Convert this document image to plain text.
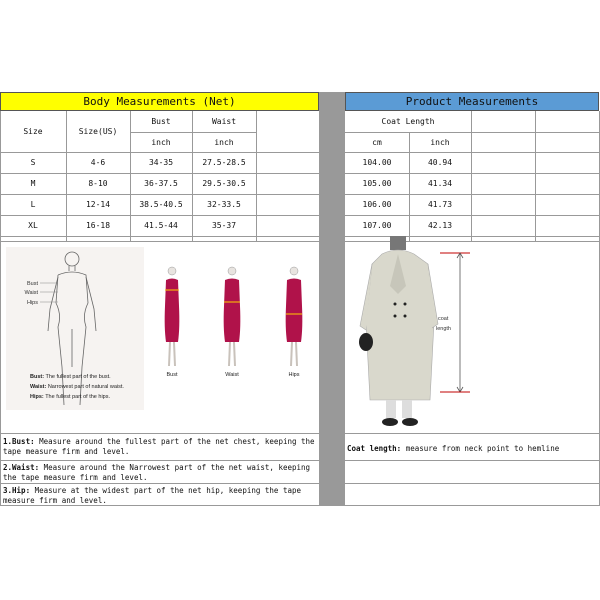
Body Measurements (Net)	Product Measurements
Size	Size(US)
Bust	Waist
inch	inch
S	4-6	34-35	27.5-28.5
M	8-10	36-37.5	29.5-30.5
L	12-14	38.5-40.5	32-33.5
XL	16-18	41.5-44	35-37
Coat Length
cm	inch
104.00	40.94
105.00	41.34
106.00	41.73
107.00	42.13
Bust
Waist
Hips
Bust: The fullest part of the bust.
Waist: Narrowest part of natural waist.
Hips: The fullest part of the hips.
Bust	Waist	Hips
coat
length
1.Bust: Measure around the fullest part of the net chest, keeping the tape measure firm and level.
2.Waist: Measure around the Narrowest part of the net waist, keeping the tape measure firm and level.
3.Hip: Measure at the widest part of the net hip, keeping the tape measure firm and level.
Coat length: measure from neck point to hemline
